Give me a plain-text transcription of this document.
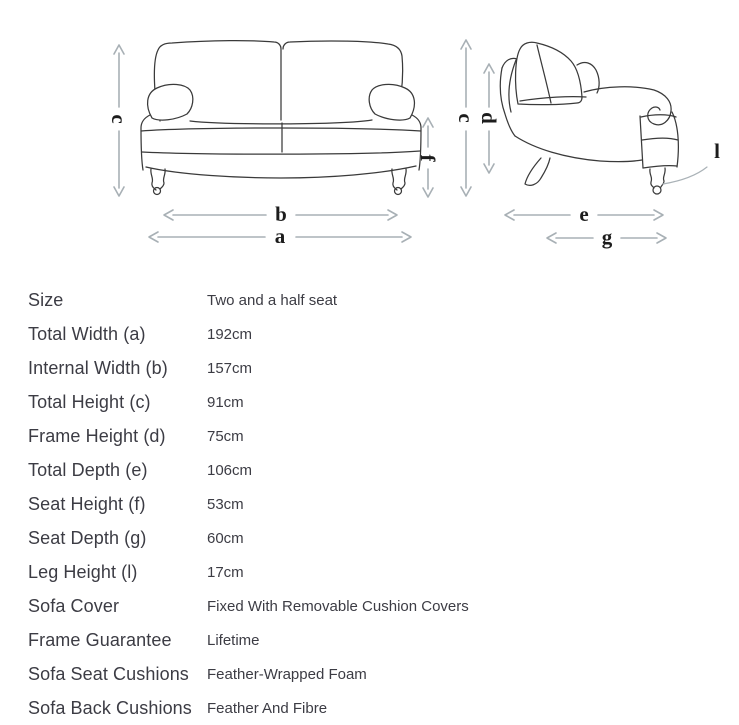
c
f
c d
b
a
e
g
l
Size	Two and a half seat
Total Width (a)	192cm
Internal Width (b)	157cm
Total Height (c)	91cm
Frame Height (d)	75cm
Total Depth (e)	106cm
Seat Height (f)	53cm
Seat Depth (g)	60cm
Leg Height (l)	17cm
Sofa Cover	Fixed With Removable Cushion Covers
Frame Guarantee	Lifetime
Sofa Seat Cushions	Feather-Wrapped Foam
Sofa Back Cushions	Feather And Fibre
